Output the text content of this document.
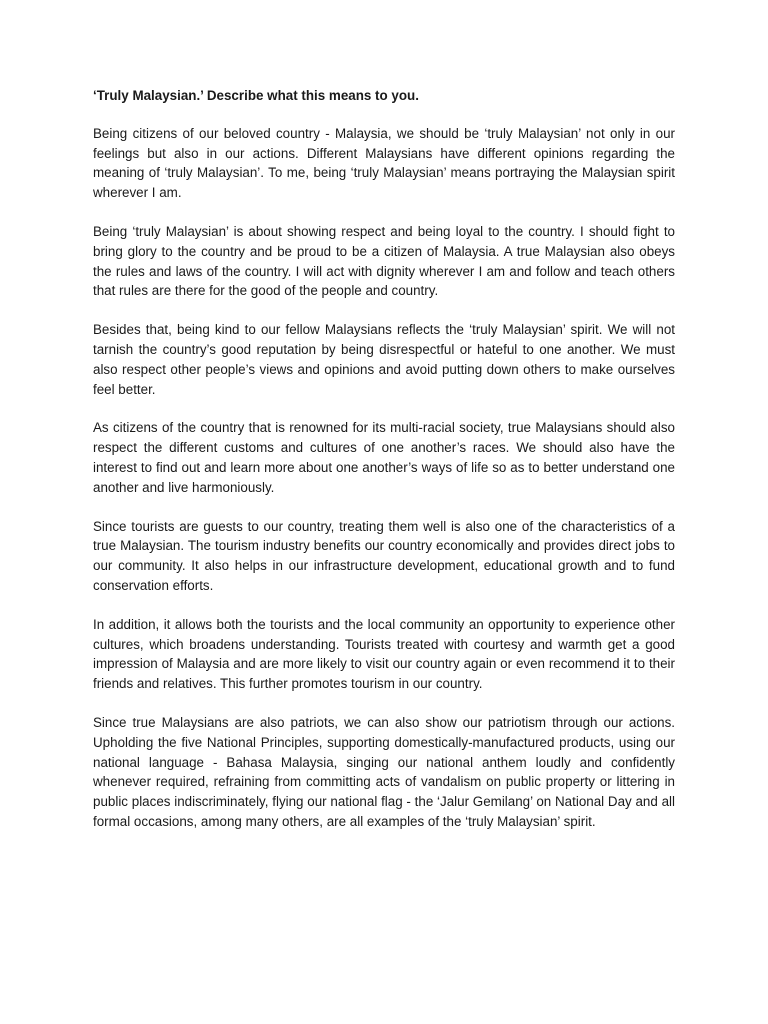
‘Truly Malaysian.’ Describe what this means to you.

Being citizens of our beloved country - Malaysia, we should be ‘truly Malaysian’ not only in our feelings but also in our actions. Different Malaysians have different opinions regarding the meaning of ‘truly Malaysian’. To me, being ‘truly Malaysian’ means portraying the Malaysian spirit wherever I am.

Being ‘truly Malaysian’ is about showing respect and being loyal to the country. I should fight to bring glory to the country and be proud to be a citizen of Malaysia. A true Malaysian also obeys the rules and laws of the country. I will act with dignity wherever I am and follow and teach others that rules are there for the good of the people and country.

Besides that, being kind to our fellow Malaysians reflects the ‘truly Malaysian’ spirit. We will not tarnish the country’s good reputation by being disrespectful or hateful to one another. We must also respect other people’s views and opinions and avoid putting down others to make ourselves feel better.

As citizens of the country that is renowned for its multi-racial society, true Malaysians should also respect the different customs and cultures of one another’s races. We should also have the interest to find out and learn more about one another’s ways of life so as to better understand one another and live harmoniously.

Since tourists are guests to our country, treating them well is also one of the characteristics of a true Malaysian. The tourism industry benefits our country economically and provides direct jobs to our community. It also helps in our infrastructure development, educational growth and to fund conservation efforts.

In addition, it allows both the tourists and the local community an opportunity to experience other cultures, which broadens understanding. Tourists treated with courtesy and warmth get a good impression of Malaysia and are more likely to visit our country again or even recommend it to their friends and relatives. This further promotes tourism in our country.

Since true Malaysians are also patriots, we can also show our patriotism through our actions. Upholding the five National Principles, supporting domestically-manufactured products, using our national language - Bahasa Malaysia, singing our national anthem loudly and confidently whenever required, refraining from committing acts of vandalism on public property or littering in public places indiscriminately, flying our national flag - the ‘Jalur Gemilang’ on National Day and all formal occasions, among many others, are all examples of the ‘truly Malaysian’ spirit.
